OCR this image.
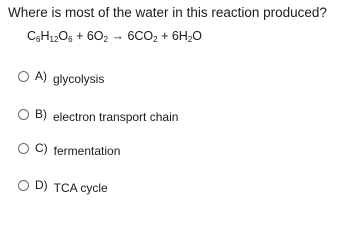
Where is most of the water in this reaction produced?
$C_6H_{12}O_6 + 6O_2 \to 6CO_2 + 6H_2O$
A) glycolysis
B) electron transport chain
C) fermentation
D) TCA cycle
